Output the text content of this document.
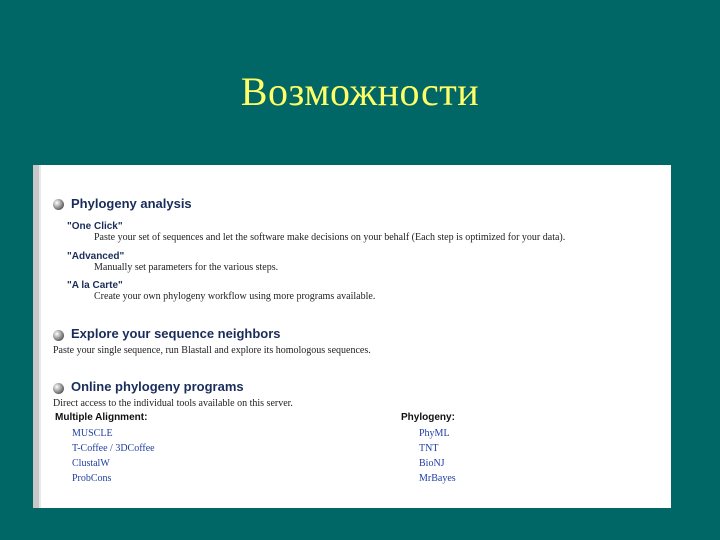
Возможности
Phylogeny analysis
"One Click"
Paste your set of sequences and let the software make decisions on your behalf (Each step is optimized for your data).
"Advanced"
Manually set parameters for the various steps.
"A la Carte"
Create your own phylogeny workflow using more programs available.
Explore your sequence neighbors
Paste your single sequence, run Blastall and explore its homologous sequences.
Online phylogeny programs
Direct access to the individual tools available on this server.
Multiple Alignment:	Phylogeny:
MUSCLE
T-Coffee / 3DCoffee
ClustalW
ProbCons
PhyML
TNT
BioNJ
MrBayes
